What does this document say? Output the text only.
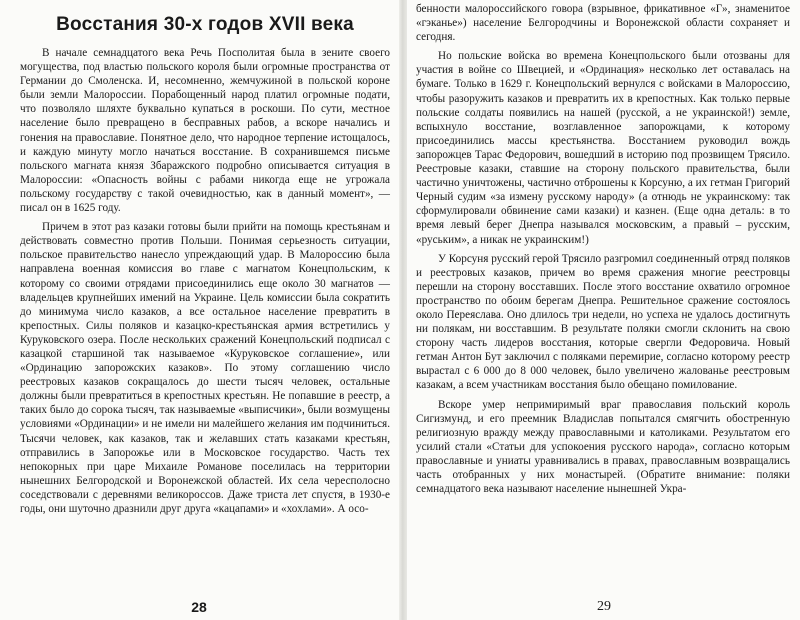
Восстания 30-х годов XVII века

В начале семнадцатого века Речь Посполитая была в зените своего могущества, под властью польского короля были огромные пространства от Германии до Смоленска. И, несомненно, жемчужиной в польской короне были земли Малороссии. Порабощенный народ платил огромные подати, что позволяло шляхте буквально купаться в роскоши. По сути, местное население было превращено в бесправных рабов, а вскоре начались и гонения на православие. Понятное дело, что народное терпение истощалось, и каждую минуту могло начаться восстание. В сохранившемся письме польского магната князя Збаражского подробно описывается ситуация в Малороссии: «Опасность войны с рабами никогда еще не угрожала польскому государству с такой очевидностью, как в данный момент», — писал он в 1625 году.

Причем в этот раз казаки готовы были прийти на помощь крестьянам и действовать совместно против Польши. Понимая серьезность ситуации, польское правительство нанесло упреждающий удар. В Малороссию была направлена военная комиссия во главе с магнатом Конецпольским, к которому со своими отрядами присоединились еще около 30 магнатов — владельцев крупнейших имений на Украине. Цель комиссии была сократить до минимума число казаков, а все остальное население превратить в крепостных. Силы поляков и казацко-крестьянская армия встретились у Куруковского озера. После нескольких сражений Конецпольский подписал с казацкой старшиной так называемое «Куруковское соглашение», или «Ординацию запорожских казаков». По этому соглашению число реестровых казаков сокращалось до шести тысяч человек, остальные должны были превратиться в крепостных крестьян. Не попавшие в реестр, а таких было до сорока тысяч, так называемые «выписчики», были возмущены условиями «Ординации» и не имели ни малейшего желания им подчиниться. Тысячи человек, как казаков, так и желавших стать казаками крестьян, отправились в Запорожье или в Московское государство. Часть тех непокорных при царе Михаиле Романове поселилась на территории нынешних Белгородской и Воронежской областей. Их села чересполосно соседствовали с деревнями великороссов. Даже триста лет спустя, в 1930-е годы, они шуточно дразнили друг друга «кацапами» и «хохлами». А осо-

28

бенности малороссийского говора (взрывное, фрикативное «Г», знаменитое «гэканье») население Белгородчины и Воронежской области сохраняет и сегодня.

Но польские войска во времена Конецпольского были отозваны для участия в войне со Швецией, и «Ординация» несколько лет оставалась на бумаге. Только в 1629 г. Конецпольский вернулся с войсками в Малороссию, чтобы разоружить казаков и превратить их в крепостных. Как только первые польские солдаты появились на нашей (русской, а не украинской!) земле, вспыхнуло восстание, возглавленное запорожцами, к которому присоединились массы крестьянства. Восстанием руководил вождь запорожцев Тарас Федорович, вошедший в историю под прозвищем Трясило. Реестровые казаки, ставшие на сторону польского правительства, были частично уничтожены, частично отброшены к Корсуню, а их гетман Григорий Черный судим «за измену русскому народу» (а отнюдь не украинскому: так сформулировали обвинение сами казаки) и казнен. (Еще одна деталь: в то время левый берег Днепра назывался московским, а правый – русским, «руським», а никак не украинским!)

У Корсуня русский герой Трясило разгромил соединенный отряд поляков и реестровых казаков, причем во время сражения многие реестровцы перешли на сторону восставших. После этого восстание охватило огромное пространство по обоим берегам Днепра. Решительное сражение состоялось около Переяслава. Оно длилось три недели, но успеха не удалось достигнуть ни полякам, ни восставшим. В результате поляки смогли склонить на свою сторону часть лидеров восстания, которые свергли Федоровича. Новый гетман Антон Бут заключил с поляками перемирие, согласно которому реестр вырастал с 6 000 до 8 000 человек, было увеличено жалованье реестровым казакам, а всем участникам восстания было обещано помилование.

Вскоре умер непримиримый враг православия польский король Сигизмунд, и его преемник Владислав попытался смягчить обостренную религиозную вражду между православными и католиками. Результатом его усилий стали «Статьи для успокоения русского народа», согласно которым православные и униаты уравнивались в правах, православным возвращались часть отобранных у них монастырей. (Обратите внимание: поляки семнадцатого века называют население нынешней Укра-

29
